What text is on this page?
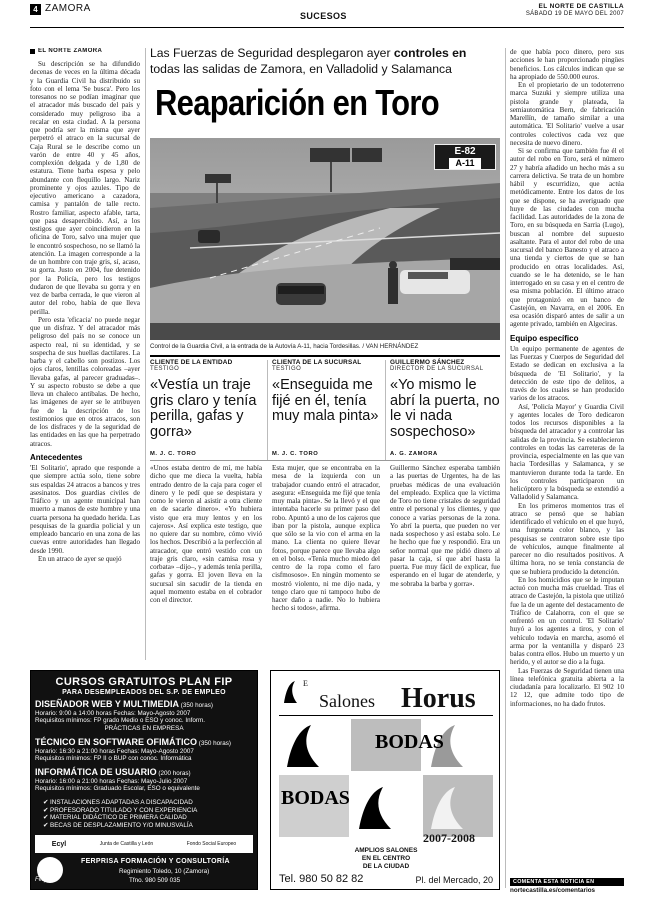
4 ZAMORA
SUCESOS
EL NORTE DE CASTILLA
SÁBADO 19 DE MAYO DEL 2007
EL NORTE ZAMORA

Su descripción se ha difundido decenas de veces en la última década y la Guardia Civil ha distribuido su foto con el lema 'Se busca'. Pero los toresanos no se podían imaginar que el atracador más buscado del país y considerado muy peligroso iba a recalar en esta ciudad. A la persona que podría ser la misma que ayer perpetró el atraco en la sucursal de Caja Rural se le describe como un varón de entre 40 y 45 años, complexión delgada y de 1,80 de estatura. Tiene barba espesa y pelo abundante con flequillo largo. Nariz prominente y ojos azules. Tipo de ejecutivo americano a cazadora, camisa y pantalón de talle recto. Rostro familiar, aspecto afable, tarta, que pasa desapercibido. Así, a los testigos que ayer coincidieron en la oficina de Toro, salvo una mujer que le encontró sospechoso, no se llamó la atención. La imagen corresponde a la de un hombre con traje gris, sí, acaso, su gorra. Justo en 2004, fue detenido por la Policía, pero los testigos dudaron de que llevaba su gorra y en vez de barba cerrada, le que vieron al autor del robo, había de que lleva perilla.

Pero esta 'eficacia' no puede negar que un disfraz. Y del atracador más peligroso del país no se conoce un aspecto real, ni su identidad, y se sospecha de sus huellas dactilares. La barba y el cabello son postizos. Los ojos claros, lentillas coloreadas –ayer llevaba gafas, al parecer graduadas–. Y su aspecto robusto se debe a que lleva un chaleco antibalas. De hecho, las imágenes de ayer se le atribuyen fue de la descripción de los testimonios que en otros atracos, son de los disfraces y de la seguridad de las entidades en las que ha perpetrado atracos.

Antecedentes

'El Solitario', aprado que responde a que siempre actúa solo, tiene sobre sus espaldas 24 atracos a bancos y tres asesinatos. Dos guardias civiles de Tráfico y un agente municipal han muerto a manos de este hombre y una cuarta persona ha quedado herida. Las pesquisas de la guardia policial y un empleado bancario en una zona de las cuevas entre autoridades han llegado desde 1990.

En un atraco de ayer se quejó

Las Fuerzas de Seguridad desplegaron ayer controles en
todas las salidas de Zamora, en Valladolid y Salamanca
Reaparición en Toro
E-82
A-11
Control de la Guardia Civil, a la entrada de la Autovía A-11, hacia Tordesillas. / VAN HERNÁNDEZ
CLIENTE DE LA ENTIDAD
TESTIGO
«Vestía un traje gris claro y tenía perilla, gafas y gorra»
CLIENTA DE LA SUCURSAL
TESTIGO
«Enseguida me fijé en él, tenía muy mala pinta»
GUILLERMO SÁNCHEZ
DIRECTOR DE LA SUCURSAL
«Yo mismo le abrí la puerta, no le vi nada sospechoso»
M. J. C. TORO	M. J. C. TORO	A. G. ZAMORA
«Unos estaba dentro de mí, me había dicho que me dieca la vuelta, había entrado dentro de la caja para coger el dinero y le pedí que se despistara y como le vieron al asistir a otra cliente en de sacarle dinero». «Yo hubiera visto que era muy lentos y en los cajeros». Así explica este testigo, que no quiere dar su nombre, cómo vivió los hechos. Describió a la perfección al atracador, que entró vestido con un traje gris claro, «sin camisa rosa y corbata» –dijo–, y además tenía perilla, gafas y gorra. El joven lleva en la sucursal sin sacudir de la tienda en aquel momento estaba en el cobrador con el director.
Esta mujer, que se encontraba en la mesa de la izquierda con un trabajador cuando entró el atracador, asegura: «Enseguida me fijé que tenía muy mala pinta». Se la llevó y el que intentaba hacerle su primer paso del robo. Apuntó a uno de los cajeros que iban por la pistola, aunque explica que sólo se la vio con el arma en la mano. La clienta no quiere llevar fotos, porque parece que llevaba algo en el bolso. «Tenía mucho miedo del centro de la ropa como el faro cisfmososo». En ningún momento se mostró violento, ni me dijo nada, y tengo claro que ni tampoco hubo de hacer daño a nadie. No lo hubiera hecho si todos», afirma.
Guillermo Sánchez esperaba también a las puertas de Urgentes, ha de las pruebas médicas de una evaluación del empleado. Explica que la víctima de Toro no tiene cristales de seguridad entre el personal y los clientes, y que conoce a varias personas de la zona. Yo abrí la puerta, que pueden no ver nada sospechoso y así estaba solo. Le he hecho que fue y respondió. Era un señor normal que me pidió dinero al pasar la caja, sí que abrí hasta la puerta. Fue muy fácil de explicar, fue esperando en el lugar de atenderle, y me sobraba la barba y gorra».

de que había poco dinero, pero sus acciones le han proporcionado pingües beneficios. Los cálculos indican que se ha apropiado de 550.000 euros.

En el propietario de un todoterreno marca Suzuki y siempre utiliza una pistola grande y plateada, la semiautomática Bern, de fabricación Marellín, de tamaño similar a una automática. 'El Solitario' vuelve a usar controles colectivos cada vez que necesita de nuevo dinero.

Si se confirma que también fue él el autor del robo en Toro, será el número 27 y habría añadido un hecho más a su carrera delictiva. Se trata de un hombre hábil y escurridizo, que actúa metódicamente. Entre los datos de los que se dispone, se ha averiguado que huye de las ciudades con mucha facilidad. Las autoridades de la zona de Toro, en su búsqueda en Sarria (Lugo), buscan al nombre del supuesto asaltante. Para el autor del robo de una sucursal del banco Banesto y el atraco a una tienda y ciertos de que se han producido en otras localidades. Así, cuando se le ha detenido, se le han interrogado en su casa y en el centro de esa misma población. El último atraco que protagonizó en un banco de Castejón, en Navarra, en el 2006. En esa ocasión disparó antes de salir a un agente privado, también en Algeciras.

Equipo específico

Un equipo permanente de agentes de las Fuerzas y Cuerpos de Seguridad del Estado se dedican en exclusiva a la búsqueda de 'El Solitario', y la detección de este tipo de delitos, a través de los cuales se han producido varios de los atracos.

Así, 'Policía Mayor' y Guardia Civil y agentes locales de Toro dedicaron todos los recursos disponibles a la búsqueda del atracador y a controlar las salidas de la provincia. Se establecieron controles en todas las carreteras de la provincia, especialmente en las que van hacia Tordesillas y Salamanca, y se mantuvieron durante toda la tarde. En los controles participaron un helicóptero y la búsqueda se extendió a Valladolid y Salamanca.

En los primeros momentos tras el atraco se pensó que se habían identificado el vehículo en el que huyó, una furgoneta color blanco, y las pesquisas se centraron sobre este tipo de vehículos, aunque finalmente al parecer no dio resultados positivos. A última hora, no se tenía constancia de que se hubiera producido la detención.

En los homicidios que se le imputan actuó con mucha más crueldad. Tras el atraco de Castejón, la pistola que utilizó fue la de un agente del destacamento de Tráfico de Calahorra, con el que se enfrentó en un control. 'El Solitario' huyó a los agentes a tiros, y con el vehículo todavía en marcha, asomó el arma por la ventanilla y disparó 23 balas contra ellos. Hubo un muerto y un herido, y el autor se dio a la fuga.

Las Fuerzas de Seguridad tienen una línea telefónica gratuita abierta a la ciudadanía para localizarlo. El 902 10 12 12, que admite todo tipo de informaciones, no ha dado frutos.

COMENTA ESTA NOTICIA EN
nortecastilla.es/comentarios
CURSOS GRATUITOS PLAN FIP
PARA DESEMPLEADOS DEL S.P. DE EMPLEO
DISEÑADOR WEB Y MULTIMEDIA (350 horas)
Horario: 9:00 a 14:00 horas Fechas: Mayo-Agosto 2007
Requisitos mínimos: FP grado Medio o ESO y conoc. Inform.
PRÁCTICAS EN EMPRESA
TÉCNICO EN SOFTWARE OFIMÁTICO (350 horas)
Horario: 16:30 a 21:00 horas Fechas: Mayo-Agosto 2007
Requisitos mínimos: FP II o BUP con conoc. Informática
INFORMÁTICA DE USUARIO (200 horas)
Horario: 16:00 a 21:00 horas Fechas: Mayo-Julio 2007
Requisitos mínimos: Graduado Escolar, ESO o equivalente
✔ INSTALACIONES ADAPTADAS A DISCAPACIDAD
✔ PROFESORADO TITULADO Y CON EXPERIENCIA
✔ MATERIAL DIDÁCTICO DE PRIMERA CALIDAD
✔ BECAS DE DESPLAZAMIENTO Y/O MINUSVALÍA
Ecyl	Junta de Castilla y León	Fondo Social Europeo
Ferprisa
FERPRISA FORMACIÓN Y CONSULTORÍA
Regimiento Toledo, 10 (Zamora)
Tfno. 980 509 035
E
Salones Horus
BODAS
BODAS
2007-2008
AMPLIOS SALONES
EN EL CENTRO
DE LA CIUDAD
Tel. 980 50 82 82	Pl. del Mercado, 20
